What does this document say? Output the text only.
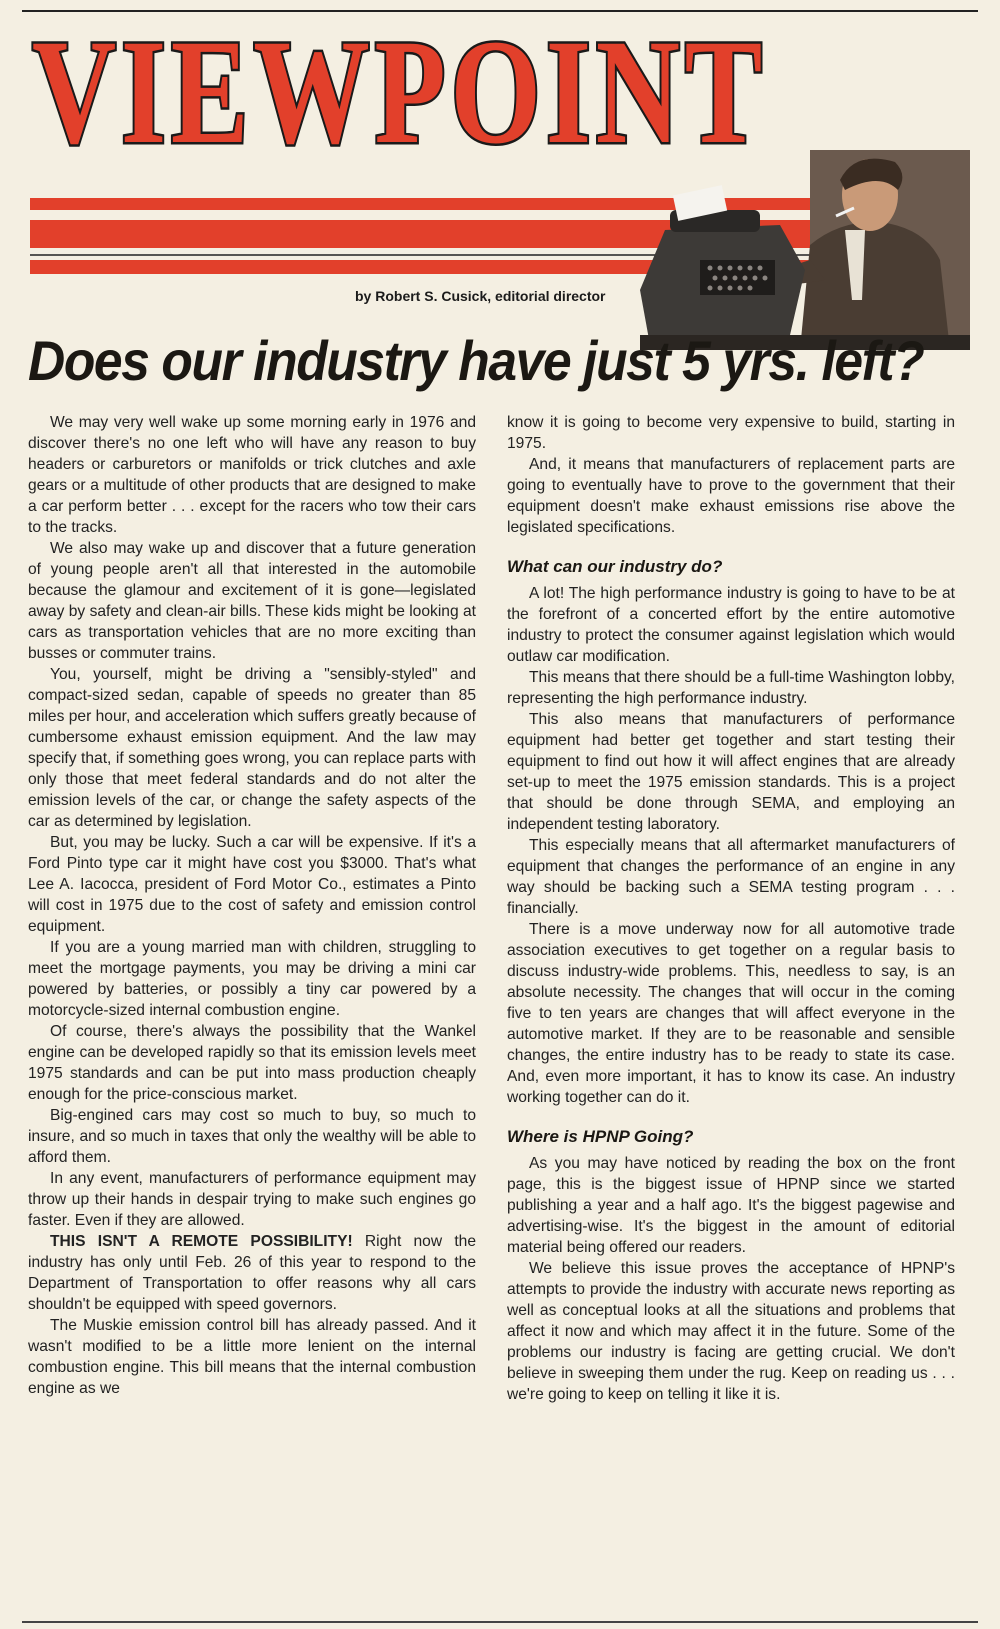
VIEWPOINT
by Robert S. Cusick, editorial director
Does our industry have just 5 yrs. left?

We may very well wake up some morning early in 1976 and discover there's no one left who will have any reason to buy headers or carburetors or manifolds or trick clutches and axle gears or a multitude of other products that are designed to make a car perform better . . . except for the racers who tow their cars to the tracks.

We also may wake up and discover that a future generation of young people aren't all that interested in the automobile because the glamour and excitement of it is gone—legislated away by safety and clean-air bills. These kids might be looking at cars as transportation vehicles that are no more exciting than busses or commuter trains.

You, yourself, might be driving a "sensibly-styled" and compact-sized sedan, capable of speeds no greater than 85 miles per hour, and acceleration which suffers greatly because of cumbersome exhaust emission equipment. And the law may specify that, if something goes wrong, you can replace parts with only those that meet federal standards and do not alter the emission levels of the car, or change the safety aspects of the car as determined by legislation.

But, you may be lucky. Such a car will be expensive. If it's a Ford Pinto type car it might have cost you $3000. That's what Lee A. Iacocca, president of Ford Motor Co., estimates a Pinto will cost in 1975 due to the cost of safety and emission control equipment.

If you are a young married man with children, struggling to meet the mortgage payments, you may be driving a mini car powered by batteries, or possibly a tiny car powered by a motorcycle-sized internal combustion engine.

Of course, there's always the possibility that the Wankel engine can be developed rapidly so that its emission levels meet 1975 standards and can be put into mass production cheaply enough for the price-conscious market.

Big-engined cars may cost so much to buy, so much to insure, and so much in taxes that only the wealthy will be able to afford them.

In any event, manufacturers of performance equipment may throw up their hands in despair trying to make such engines go faster. Even if they are allowed.

THIS ISN'T A REMOTE POSSIBILITY! Right now the industry has only until Feb. 26 of this year to respond to the Department of Transportation to offer reasons why all cars shouldn't be equipped with speed governors.

The Muskie emission control bill has already passed. And it wasn't modified to be a little more lenient on the internal combustion engine. This bill means that the internal combustion engine as we

know it is going to become very expensive to build, starting in 1975.

And, it means that manufacturers of replacement parts are going to eventually have to prove to the government that their equipment doesn't make exhaust emissions rise above the legislated specifications.

What can our industry do?

A lot! The high performance industry is going to have to be at the forefront of a concerted effort by the entire automotive industry to protect the consumer against legislation which would outlaw car modification.

This means that there should be a full-time Washington lobby, representing the high performance industry.

This also means that manufacturers of performance equipment had better get together and start testing their equipment to find out how it will affect engines that are already set-up to meet the 1975 emission standards. This is a project that should be done through SEMA, and employing an independent testing laboratory.

This especially means that all aftermarket manufacturers of equipment that changes the performance of an engine in any way should be backing such a SEMA testing program . . . financially.

There is a move underway now for all automotive trade association executives to get together on a regular basis to discuss industry-wide problems. This, needless to say, is an absolute necessity. The changes that will occur in the coming five to ten years are changes that will affect everyone in the automotive market. If they are to be reasonable and sensible changes, the entire industry has to be ready to state its case. And, even more important, it has to know its case. An industry working together can do it.

Where is HPNP Going?

As you may have noticed by reading the box on the front page, this is the biggest issue of HPNP since we started publishing a year and a half ago. It's the biggest pagewise and advertising-wise. It's the biggest in the amount of editorial material being offered our readers.

We believe this issue proves the acceptance of HPNP's attempts to provide the industry with accurate news reporting as well as conceptual looks at all the situations and problems that affect it now and which may affect it in the future. Some of the problems our industry is facing are getting crucial. We don't believe in sweeping them under the rug. Keep on reading us . . . we're going to keep on telling it like it is.
